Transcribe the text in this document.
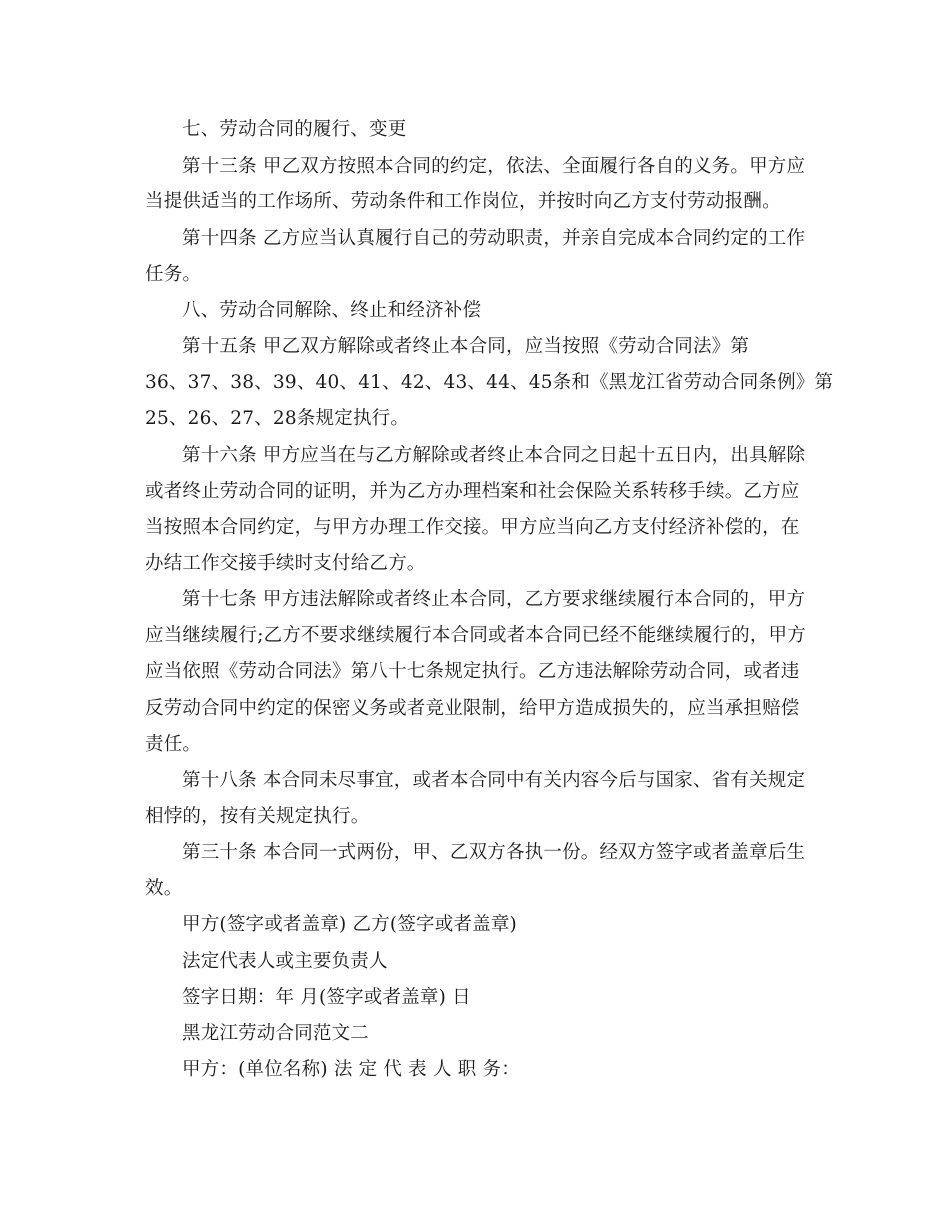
七、劳动合同的履行、变更
第十三条 甲乙双方按照本合同的约定，依法、全面履行各自的义务。甲方应
当提供适当的工作场所、劳动条件和工作岗位，并按时向乙方支付劳动报酬。
第十四条 乙方应当认真履行自己的劳动职责，并亲自完成本合同约定的工作
任务。
八、劳动合同解除、终止和经济补偿
第十五条 甲乙双方解除或者终止本合同，应当按照《劳动合同法》第
36、37、38、39、40、41、42、43、44、45条和《黑龙江省劳动合同条例》第
25、26、27、28条规定执行。
第十六条 甲方应当在与乙方解除或者终止本合同之日起十五日内，出具解除
或者终止劳动合同的证明，并为乙方办理档案和社会保险关系转移手续。乙方应
当按照本合同约定，与甲方办理工作交接。甲方应当向乙方支付经济补偿的，在
办结工作交接手续时支付给乙方。
第十七条 甲方违法解除或者终止本合同，乙方要求继续履行本合同的，甲方
应当继续履行;乙方不要求继续履行本合同或者本合同已经不能继续履行的，甲方
应当依照《劳动合同法》第八十七条规定执行。乙方违法解除劳动合同，或者违
反劳动合同中约定的保密义务或者竞业限制，给甲方造成损失的，应当承担赔偿
责任。
第十八条 本合同未尽事宜，或者本合同中有关内容今后与国家、省有关规定
相悖的，按有关规定执行。
第三十条 本合同一式两份，甲、乙双方各执一份。经双方签字或者盖章后生
效。
甲方(签字或者盖章) 乙方(签字或者盖章)
法定代表人或主要负责人
签字日期：年 月(签字或者盖章) 日
黑龙江劳动合同范文二
甲方：(单位名称) 法 定 代 表 人 职 务：
